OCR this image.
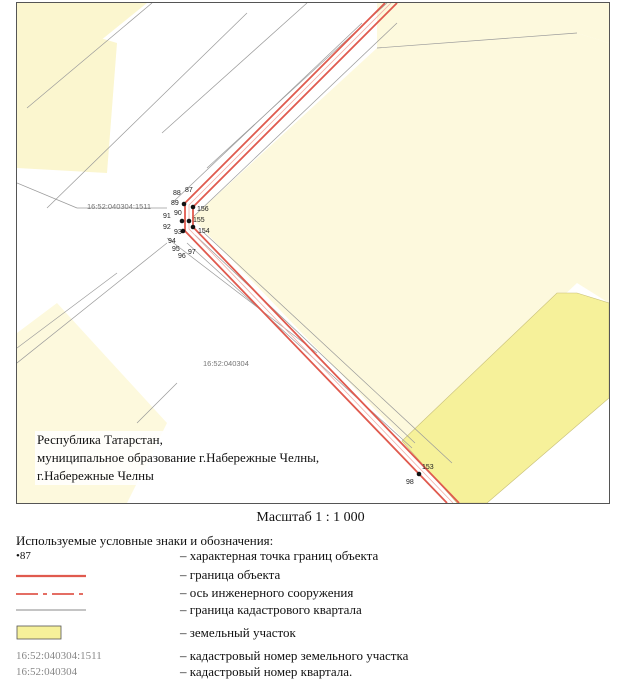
88 87
89
156
91 90
155
92
93 154
94
95
96
97
153
98
16:52:040304:1511
16:52:040304
Республика Татарстан,
муниципальное образование г.Набережные Челны,
г.Набережные Челны
Масштаб 1 : 1 000
Используемые условные знаки и обозначения:
•87	– характерная точка границ объекта
– граница объекта
– ось инженерного сооружения
– граница кадастрового квартала
– земельный участок
16:52:040304:1511	– кадастровый номер земельного участка
16:52:040304	– кадастровый номер квартала.
